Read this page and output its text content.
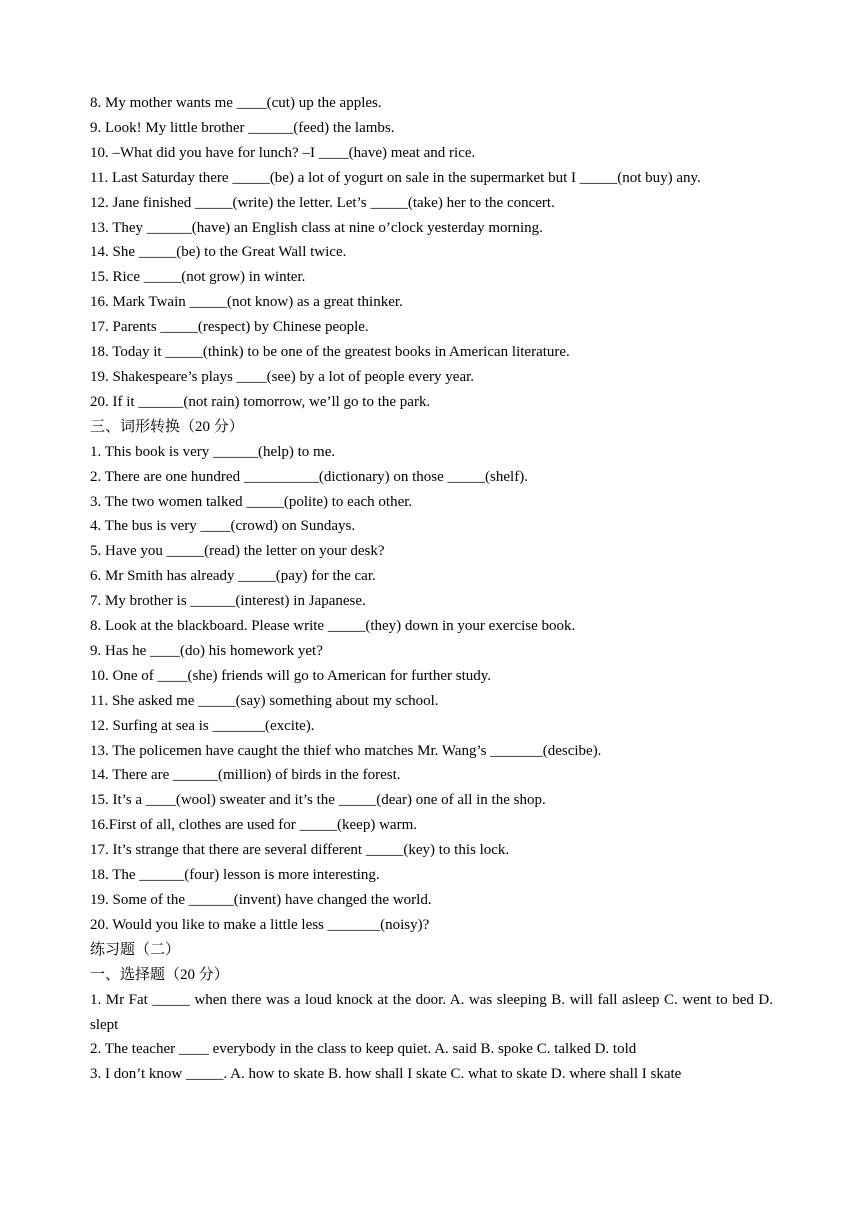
8. My mother wants me ____(cut) up the apples.

9. Look! My little brother ______(feed) the lambs.

10. –What did you have for lunch? –I ____(have) meat and rice.

11. Last Saturday there _____(be) a lot of yogurt on sale in the supermarket but I _____(not buy) any.

12. Jane finished _____(write) the letter. Let’s _____(take) her to the concert.

13. They ______(have) an English class at nine o’clock yesterday morning.

14. She _____(be) to the Great Wall twice.

15. Rice _____(not grow) in winter.

16. Mark Twain _____(not know) as a great thinker.

17. Parents _____(respect) by Chinese people.

18. Today it _____(think) to be one of the greatest books in American literature.

19. Shakespeare’s plays ____(see) by a lot of people every year.

20. If it ______(not rain) tomorrow, we’ll go to the park.

三、词形转换（20 分）

1. This book is very ______(help) to me.

2. There are one hundred __________(dictionary) on those _____(shelf).

3. The two women talked _____(polite) to each other.

4. The bus is very ____(crowd) on Sundays.

5. Have you _____(read) the letter on your desk?

6. Mr Smith has already _____(pay) for the car.

7. My brother is ______(interest) in Japanese.

8. Look at the blackboard. Please write _____(they) down in your exercise book.

9. Has he ____(do) his homework yet?

10. One of ____(she) friends will go to American for further study.

11. She asked me _____(say) something about my school.

12. Surfing at sea is _______(excite).

13. The policemen have caught the thief who matches Mr. Wang’s _______(descibe).

14. There are ______(million) of birds in the forest.

15. It’s a ____(wool) sweater and it’s the _____(dear) one of all in the shop.

16.First of all, clothes are used for _____(keep) warm.

17. It’s strange that there are several different _____(key) to this lock.

18. The ______(four) lesson is more interesting.

19. Some of the ______(invent) have changed the world.

20. Would you like to make a little less _______(noisy)?

练习题（二）

一、选择题（20 分）

1. Mr Fat _____ when there was a loud knock at the door. A. was sleeping B. will fall asleep C. went to bed D. slept

2. The teacher ____ everybody in the class to keep quiet. A. said B. spoke C. talked D. told

3. I don’t know _____. A. how to skate B. how shall I skate C. what to skate D. where shall I skate
